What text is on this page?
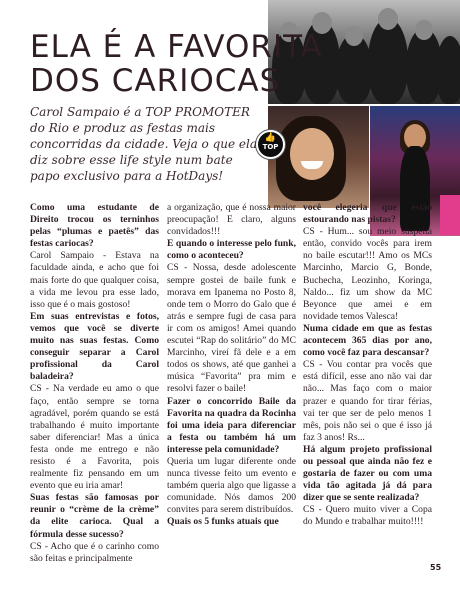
👍
TOP
ELA É A FAVORITA
DOS CARIOCAS

Carol Sampaio é a TOP PROMOTER do Rio e produz as festas mais concorridas da cidade. Veja o que ela diz sobre esse life style num bate papo exclusivo para a HotDays!

Como uma estudante de Direito trocou os terninhos pelas “plumas e paetês” das festas cariocas?

Carol Sampaio - Estava na faculdade ainda, e acho que foi mais forte do que qualquer coisa, a vida me levou pra esse lado, isso que é o mais gostoso!

Em suas entrevistas e fotos, vemos que você se diverte muito nas suas festas. Como conseguir separar a Carol profissional da Carol baladeira?

CS - Na verdade eu amo o que faço, então sempre se torna agradável, porém quando se está trabalhando é muito importante saber diferenciar! Mas a única festa onde me entrego e não resisto é a Favorita, pois realmente fiz pensando em um evento que eu iria amar!

Suas festas são famosas por reunir o “crème de la crème” da elite carioca. Qual a fórmula desse sucesso?

CS - Acho que é o carinho como são feitas e principalmente

a organização, que é nossa maior preocupação! E claro, alguns convidados!!!

E quando o interesse pelo funk, como o aconteceu?

CS - Nossa, desde adolescente sempre gostei de baile funk e morava em Ipanema no Posto 8, onde tem o Morro do Galo que é atrás e sempre fugi de casa para ir com os amigos! Amei quando escutei “Rap do solitário” do MC Marcinho, vireí fã dele e a em todos os shows, até que ganhei a música “Favorita” pra mim e resolvi fazer o baile!

Fazer o concorrido Baile da Favorita na quadra da Rocinha foi uma ideia para diferenciar a festa ou também há um interesse pela comunidade?

Queria um lugar diferente onde nunca tivesse feito um evento e também queria algo que ligasse a comunidade. Nós damos 200 convites para serem distribuídos.

Quais os 5 funks atuais que

você elegeria que estão estourando nas pistas?

CS - Hum... sou meio suspeita então, convido vocês para irem no baile escutar!!! Amo os MCs Marcinho, Marcio G, Bonde, Buchecha, Leozinho, Koringa, Naldo... fiz um show da MC Beyonce que amei e em novidade temos Valesca!

Numa cidade em que as festas acontecem 365 dias por ano, como você faz para descansar?

CS - Vou contar pra vocês que está difícil, esse ano não vai dar não... Mas faço com o maior prazer e quando for tirar férias, vai ter que ser de pelo menos 1 mês, pois não sei o que é isso já faz 3 anos! Rs...

Há algum projeto profissional ou pessoal que ainda não fez e gostaria de fazer ou com uma vida tão agitada já dá para dizer que se sente realizada?

CS - Quero muito viver a Copa do Mundo e trabalhar muito!!!!

55
